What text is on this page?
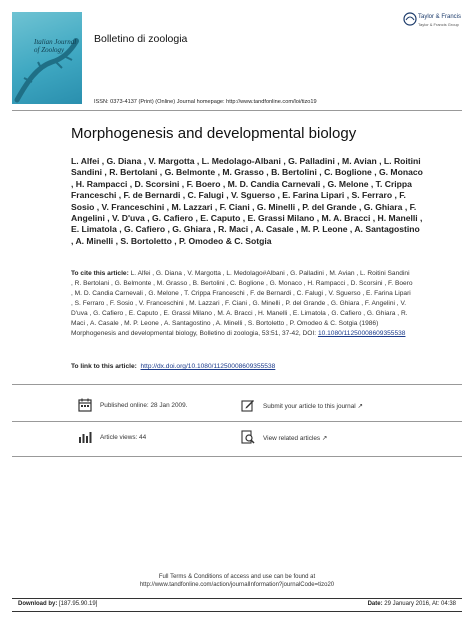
Italian Journal of Zoology
Bolletino di zoologia
Taylor & Francis
Taylor & Francis Group
ISSN: 0373-4137 (Print) (Online) Journal homepage: http://www.tandfonline.com/loi/tizo19
Morphogenesis and developmental biology
L. Alfei , G. Diana , V. Margotta , L. Medolago-Albani , G. Palladini , M. Avian , L. Roitini Sandini , R. Bertolani , G. Belmonte , M. Grasso , B. Bertolini , C. Boglione , G. Monaco , H. Rampacci , D. Scorsini , F. Boero , M. D. Candia Carnevali , G. Melone , T. Crippa Franceschi , F. de Bernardi , C. Falugi , V. Sguerso , E. Farina Lipari , S. Ferraro , F. Sosio , V. Franceschini , M. Lazzari , F. Ciani , G. Minelli , P. del Grande , G. Ghiara , F. Angelini , V. D'uva , G. Cafiero , E. Caputo , E. Grassi Milano , M. A. Bracci , H. Manelli , E. Limatola , G. Cafiero , G. Ghiara , R. Maci , A. Casale , M. P. Leone , A. Santagostino , A. Minelli , S. Bortoletto , P. Omodeo & C. Sotgia
To cite this article: L. Alfei , G. Diana , V. Margotta , L. Medolago#Albani , G. Palladini , M. Avian , L. Roitini Sandini , R. Bertolani , G. Belmonte , M. Grasso , B. Bertolini , C. Boglione , G. Monaco , H. Rampacci , D. Scorsini , F. Boero , M. D. Candia Carnevali , G. Melone , T. Crippa Franceschi , F. de Bernardi , C. Falugi , V. Sguerso , E. Farina Lipari , S. Ferraro , F. Sosio , V. Franceschini , M. Lazzari , F. Ciani , G. Minelli , P. del Grande , G. Ghiara , F. Angelini , V. D'uva , G. Cafiero , E. Caputo , E. Grassi Milano , M. A. Bracci , H. Manelli , E. Limatola , G. Cafiero , G. Ghiara , R. Maci , A. Casale , M. P. Leone , A. Santagostino , A. Minelli , S. Bortoletto , P. Omodeo & C. Sotgia (1986) Morphogenesis and developmental biology, Bolletino di zoologia, 53:51, 37-42, DOI: 10.1080/11250008609355538
To link to this article: http://dx.doi.org/10.1080/11250008609355538
Published online: 28 Jan 2009.	Submit your article to this journal ↗
Article views: 44	View related articles ↗
Full Terms & Conditions of access and use can be found at
http://www.tandfonline.com/action/journalInformation?journalCode=tizo20
Download by: [187.95.90.19]	Date: 29 January 2016, At: 04:38
